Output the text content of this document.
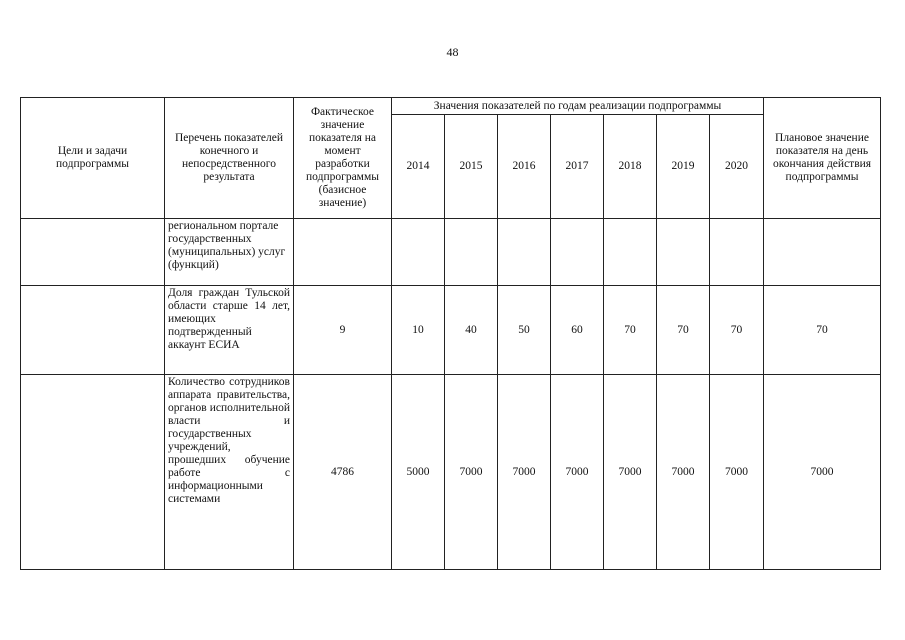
48
Цели и задачи подпрограммы	Перечень показателей конечного и непосредственного результата	Фактическое значение показателя на момент разработки подпрограммы (базисное значение)	Значения показателей по годам реализации подпрограммы							Плановое значение показателя на день окончания действия подпрограммы
			2014	2015	2016	2017	2018	2019	2020	
	региональном портале государственных (муниципальных) услуг (функций)									
	Доля граждан Тульской области старше 14 лет, имеющих подтвержденный аккаунт ЕСИА	9	10	40	50	60	70	70	70	70
	Количество сотрудников аппарата правительства, органов исполнительной власти и государственных учреждений, прошедших обучение работе с информационными системами	4786	5000	7000	7000	7000	7000	7000	7000	7000
